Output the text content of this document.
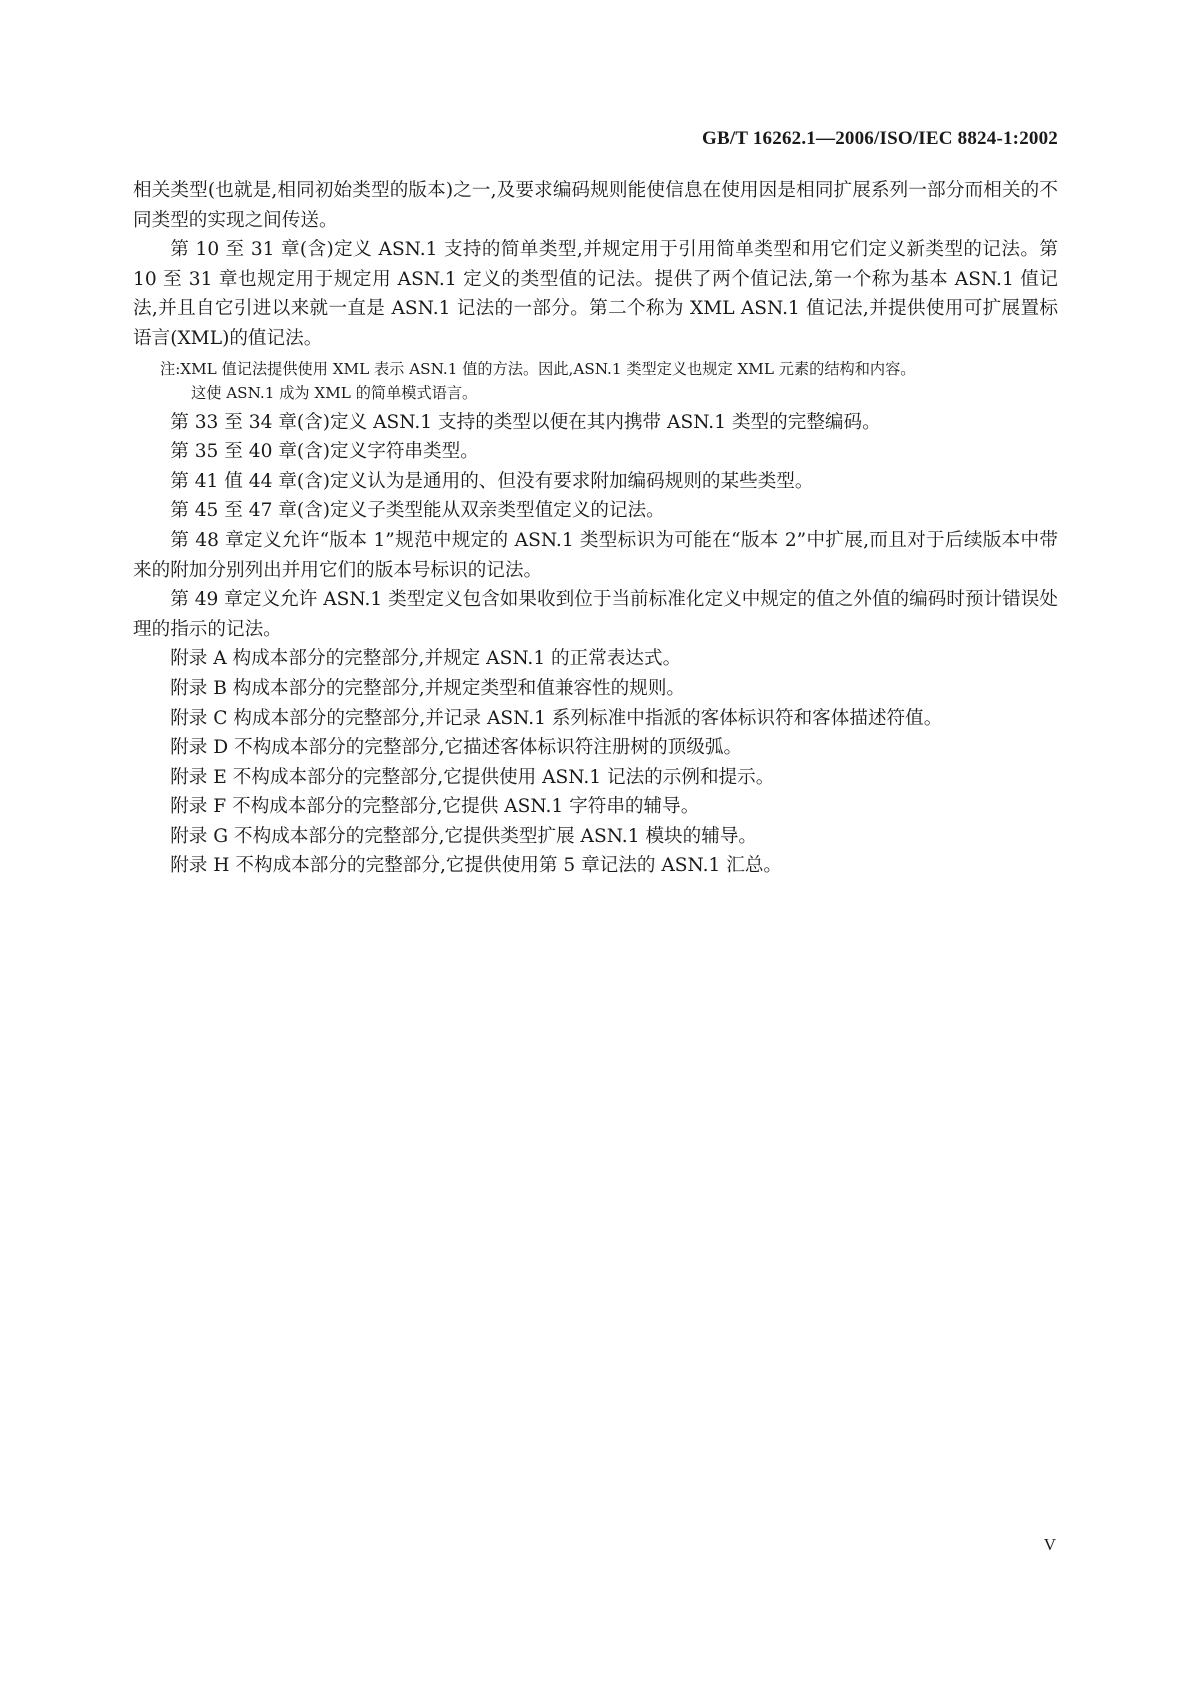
GB/T 16262.1—2006/ISO/IEC 8824-1:2002

相关类型(也就是,相同初始类型的版本)之一,及要求编码规则能使信息在使用因是相同扩展系列一部分而相关的不同类型的实现之间传送。

第 10 至 31 章(含)定义 ASN.1 支持的简单类型,并规定用于引用简单类型和用它们定义新类型的记法。第 10 至 31 章也规定用于规定用 ASN.1 定义的类型值的记法。提供了两个值记法,第一个称为基本 ASN.1 值记法,并且自它引进以来就一直是 ASN.1 记法的一部分。第二个称为 XML ASN.1 值记法,并提供使用可扩展置标语言(XML)的值记法。

注:XML 值记法提供使用 XML 表示 ASN.1 值的方法。因此,ASN.1 类型定义也规定 XML 元素的结构和内容。
这使 ASN.1 成为 XML 的简单模式语言。

第 33 至 34 章(含)定义 ASN.1 支持的类型以便在其内携带 ASN.1 类型的完整编码。

第 35 至 40 章(含)定义字符串类型。

第 41 值 44 章(含)定义认为是通用的、但没有要求附加编码规则的某些类型。

第 45 至 47 章(含)定义子类型能从双亲类型值定义的记法。

第 48 章定义允许“版本 1”规范中规定的 ASN.1 类型标识为可能在“版本 2”中扩展,而且对于后续版本中带来的附加分别列出并用它们的版本号标识的记法。

第 49 章定义允许 ASN.1 类型定义包含如果收到位于当前标准化定义中规定的值之外值的编码时预计错误处理的指示的记法。

附录 A 构成本部分的完整部分,并规定 ASN.1 的正常表达式。

附录 B 构成本部分的完整部分,并规定类型和值兼容性的规则。

附录 C 构成本部分的完整部分,并记录 ASN.1 系列标准中指派的客体标识符和客体描述符值。

附录 D 不构成本部分的完整部分,它描述客体标识符注册树的顶级弧。

附录 E 不构成本部分的完整部分,它提供使用 ASN.1 记法的示例和提示。

附录 F 不构成本部分的完整部分,它提供 ASN.1 字符串的辅导。

附录 G 不构成本部分的完整部分,它提供类型扩展 ASN.1 模块的辅导。

附录 H 不构成本部分的完整部分,它提供使用第 5 章记法的 ASN.1 汇总。

V
